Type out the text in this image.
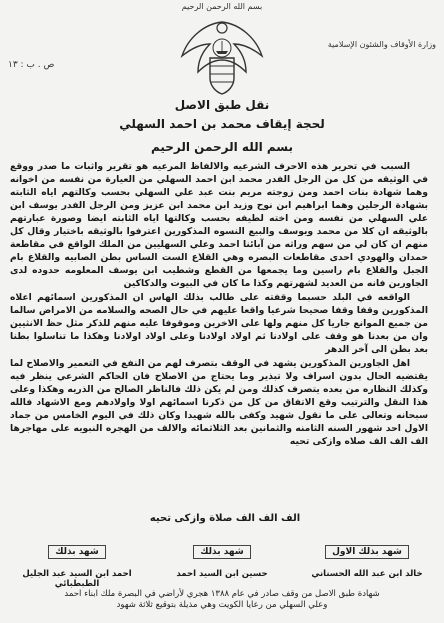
بسم الله الرحمن الرحيم
وزارة الأوقاف والشئون الإسلامية
ص . ب : ١٣
نقل طبق الاصل
لحجة إيقاف محمد بن احمد السهلي
بسم الله الرحمن الرحيم

السبب في تحرير هذه الاحرف الشرعيه والالفاظ المرعيه هو تقرير واثبات ما صدر ووقع في الوثيقه من كل من الرجل الفدر محمد ابن احمد السهلي من العيارة من نفسه من اخوانه وهما شهادة بنات احمد ومن زوجته مريم بنت عبد علي السهلي بحسب وكالتهم اياه الثابته بشهادة الرجلين وهما ابراهيم ابن نوح وزيد ابن محمد ابن عزيز ومن الرجل الفدر يوسف ابن علي السهلي من نفسه ومن اخته لطيفه بحسب وكالتها اياه الثابته ايضا وصورة عبارتهم بالوثيقه ان كلا من محمد ويوسف والبيع النسوه المذكورين اعترفوا بالوثيقه باختيار وقال كل منهم ان كان لي من سهم وراثه من آبائنا احمد وعلي السهليين من الملك الواقع في مقاطعة حمدان والهودي احدى مقاطعات البصره وهي القلاع الست الساس بطن الصابيه والقلاع بام الجبل والقلاع بام راسين وما يجمعها من القطع وشطيب ابن يوسف المعلومه حدوده لدى الجاورين فانه من العديد لشهرتهم وكذا ما كان في البيوت والدكاكين

الواقعه في البلد حسبما وقفته على طالب بذلك الهاس ان المذكورين اسمائهم اعلاه المذكورين وقفا وقفا صحيحا شرعيا واقعا عليهم في حال الصحه والسلامه من الامراض سالما من جميع الموانع جاريا كل منهم ولها على الاخرين وموقوفا عليه منهم للذكر مثل حظ الانثيين وان من بعدنا هو وقف على اولادنا ثم اولاد اولادنا وعلى اولاد اولادنا وهكذا ما تناسلوا بطنا بعد بطن الى آخر الدهر

اهل الجاورين المذكورين يشهد في الوقف بتصرف لهم من النفع في التعمير والاصلاح لما يقتضيه الحال بدون اسراف ولا تبذير وما يحتاج من الاصلاح فان الحاكم الشرعي ينظر فيه وكذلك النظاره من بعده يتصرف كذلك ومن لم يكن ذلك فالناظر الصالح من الذريه وهكذا وعلى هذا النقل والترتيب وقع الاتفاق من كل من ذكرنا اسمائهم اولا واولادهم ومع الاشهاد فالله سبحانه وتعالى على ما نقول شهيد وكفى بالله شهيدا وكان ذلك في اليوم الخامس من جماد الاول احد شهور السنه الثامنه والثمانين بعد الثلاثمائه والالف من الهجره النبويه على مهاجرها الف الف الف صلاه وازكى تحيه

الف الف الف صلاة وازكى تحيه
شهد بذلك الاول
خالد ابن عبد الله الحسناني
شهد بذلك
حسين ابن السيد احمد
شهد بذلك
احمد ابن السيد عبد الجليل الطبطبائي
شهادة طبق الاصل من وقف صادر في عام ١٣٨٨ هجري لأراضي في البصرة ملك ابناء احمد
وعلي السهلي من رعايا الكويت وهي مذيلة بتوقيع ثلاثة شهود
